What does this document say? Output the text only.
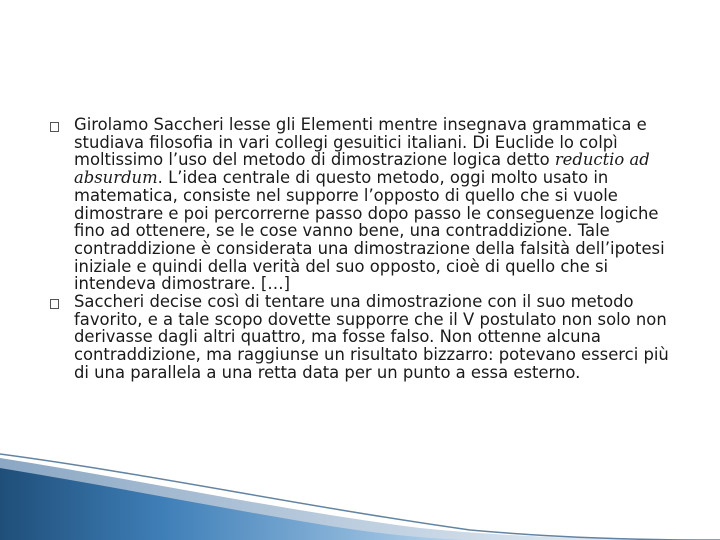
Girolamo Saccheri lesse gli Elementi mentre insegnava grammatica e studiava filosofia in vari collegi gesuitici italiani. Di Euclide lo colpì moltissimo l’uso del metodo di dimostrazione logica detto reductio ad absurdum. L’idea centrale di questo metodo, oggi molto usato in matematica, consiste nel supporre l’opposto di quello che si vuole dimostrare e poi percorrerne passo dopo passo le conseguenze logiche fino ad ottenere, se le cose vanno bene, una contraddizione. Tale contraddizione è considerata una dimostrazione della falsità dell’ipotesi iniziale e quindi della verità del suo opposto, cioè di quello che si intendeva dimostrare. […]
Saccheri decise così di tentare una dimostrazione con il suo metodo favorito, e a tale scopo dovette supporre che il V postulato non solo non derivasse dagli altri quattro, ma fosse falso. Non ottenne alcuna contraddizione, ma raggiunse un risultato bizzarro: potevano esserci più di una parallela a una retta data per un punto a essa esterno.
